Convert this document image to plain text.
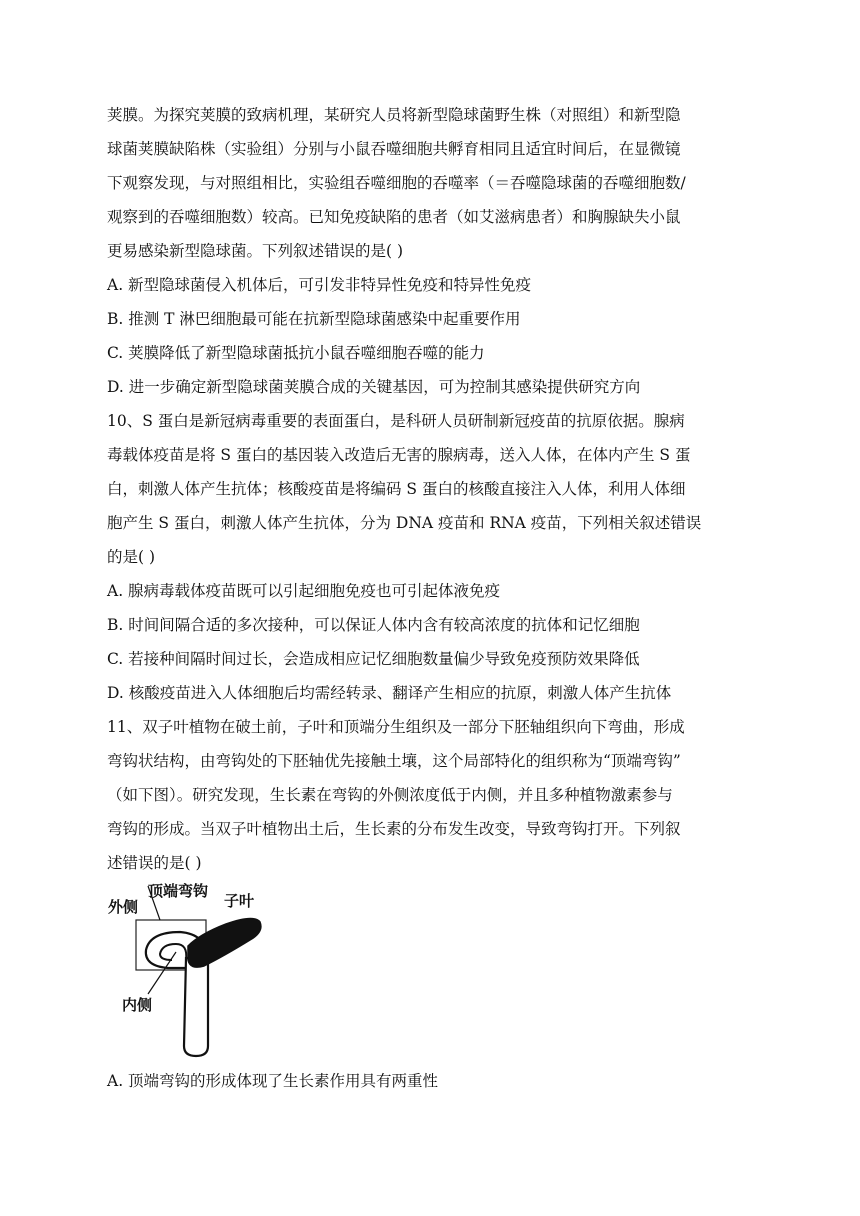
荚膜。为探究荚膜的致病机理，某研究人员将新型隐球菌野生株（对照组）和新型隐
球菌荚膜缺陷株（实验组）分别与小鼠吞噬细胞共孵育相同且适宜时间后，在显微镜
下观察发现，与对照组相比，实验组吞噬细胞的吞噬率（＝吞噬隐球菌的吞噬细胞数/
观察到的吞噬细胞数）较高。已知免疫缺陷的患者（如艾滋病患者）和胸腺缺失小鼠
更易感染新型隐球菌。下列叙述错误的是( )
A. 新型隐球菌侵入机体后，可引发非特异性免疫和特异性免疫
B. 推测 T 淋巴细胞最可能在抗新型隐球菌感染中起重要作用
C. 荚膜降低了新型隐球菌抵抗小鼠吞噬细胞吞噬的能力
D. 进一步确定新型隐球菌荚膜合成的关键基因，可为控制其感染提供研究方向
10、S 蛋白是新冠病毒重要的表面蛋白，是科研人员研制新冠疫苗的抗原依据。腺病
毒载体疫苗是将 S 蛋白的基因装入改造后无害的腺病毒，送入人体，在体内产生 S 蛋
白，刺激人体产生抗体；核酸疫苗是将编码 S 蛋白的核酸直接注入人体，利用人体细
胞产生 S 蛋白，刺激人体产生抗体，分为 DNA 疫苗和 RNA 疫苗，下列相关叙述错误
的是( )
A. 腺病毒载体疫苗既可以引起细胞免疫也可引起体液免疫
B. 时间间隔合适的多次接种，可以保证人体内含有较高浓度的抗体和记忆细胞
C. 若接种间隔时间过长，会造成相应记忆细胞数量偏少导致免疫预防效果降低
D. 核酸疫苗进入人体细胞后均需经转录、翻译产生相应的抗原，刺激人体产生抗体
11、双子叶植物在破土前，子叶和顶端分生组织及一部分下胚轴组织向下弯曲，形成
弯钩状结构，由弯钩处的下胚轴优先接触土壤，这个局部特化的组织称为“顶端弯钩”
（如下图）。研究发现，生长素在弯钩的外侧浓度低于内侧，并且多种植物激素参与
弯钩的形成。当双子叶植物出土后，生长素的分布发生改变，导致弯钩打开。下列叙
述错误的是( )
外侧
顶端弯钩
子叶
内侧
A. 顶端弯钩的形成体现了生长素作用具有两重性
